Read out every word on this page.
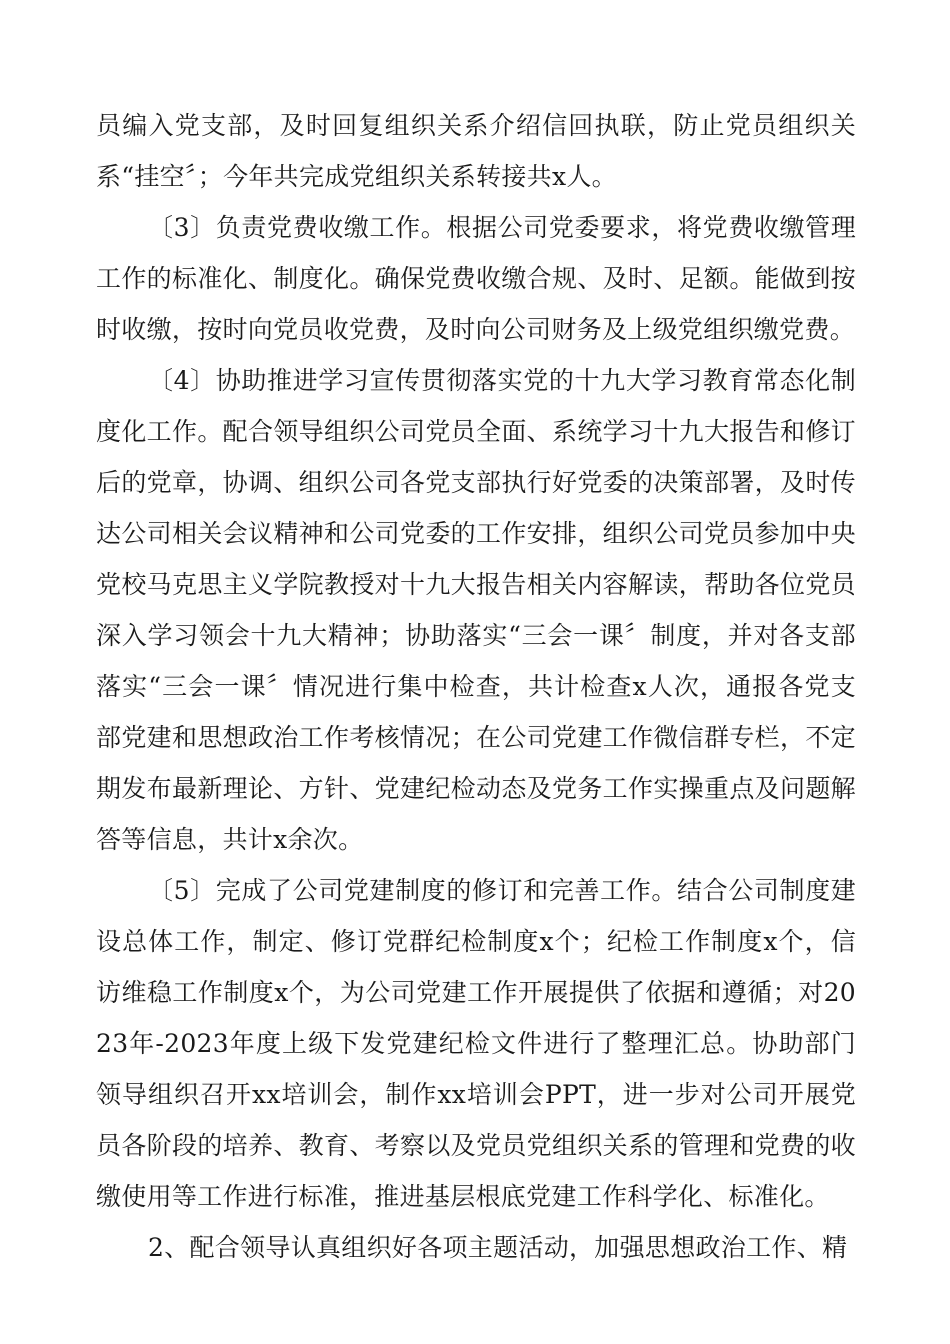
员编入党支部，及时回复组织关系介绍信回执联，防止党员组织关系“挂空〞；今年共完成党组织关系转接共x人。

〔3〕负责党费收缴工作。根据公司党委要求，将党费收缴管理工作的标准化、制度化。确保党费收缴合规、及时、足额。能做到按时收缴，按时向党员收党费，及时向公司财务及上级党组织缴党费。

〔4〕协助推进学习宣传贯彻落实党的十九大学习教育常态化制度化工作。配合领导组织公司党员全面、系统学习十九大报告和修订后的党章，协调、组织公司各党支部执行好党委的决策部署，及时传达公司相关会议精神和公司党委的工作安排，组织公司党员参加中央党校马克思主义学院教授对十九大报告相关内容解读，帮助各位党员深入学习领会十九大精神；协助落实“三会一课〞制度，并对各支部落实“三会一课〞情况进行集中检查，共计检查x人次，通报各党支部党建和思想政治工作考核情况；在公司党建工作微信群专栏，不定期发布最新理论、方针、党建纪检动态及党务工作实操重点及问题解答等信息，共计x余次。

〔5〕完成了公司党建制度的修订和完善工作。结合公司制度建设总体工作，制定、修订党群纪检制度x个；纪检工作制度x个，信访维稳工作制度x个，为公司党建工作开展提供了依据和遵循；对2023年-2023年度上级下发党建纪检文件进行了整理汇总。协助部门领导组织召开xx培训会，制作xx培训会PPT，进一步对公司开展党员各阶段的培养、教育、考察以及党员党组织关系的管理和党费的收缴使用等工作进行标准，推进基层根底党建工作科学化、标准化。

2、配合领导认真组织好各项主题活动，加强思想政治工作、精
